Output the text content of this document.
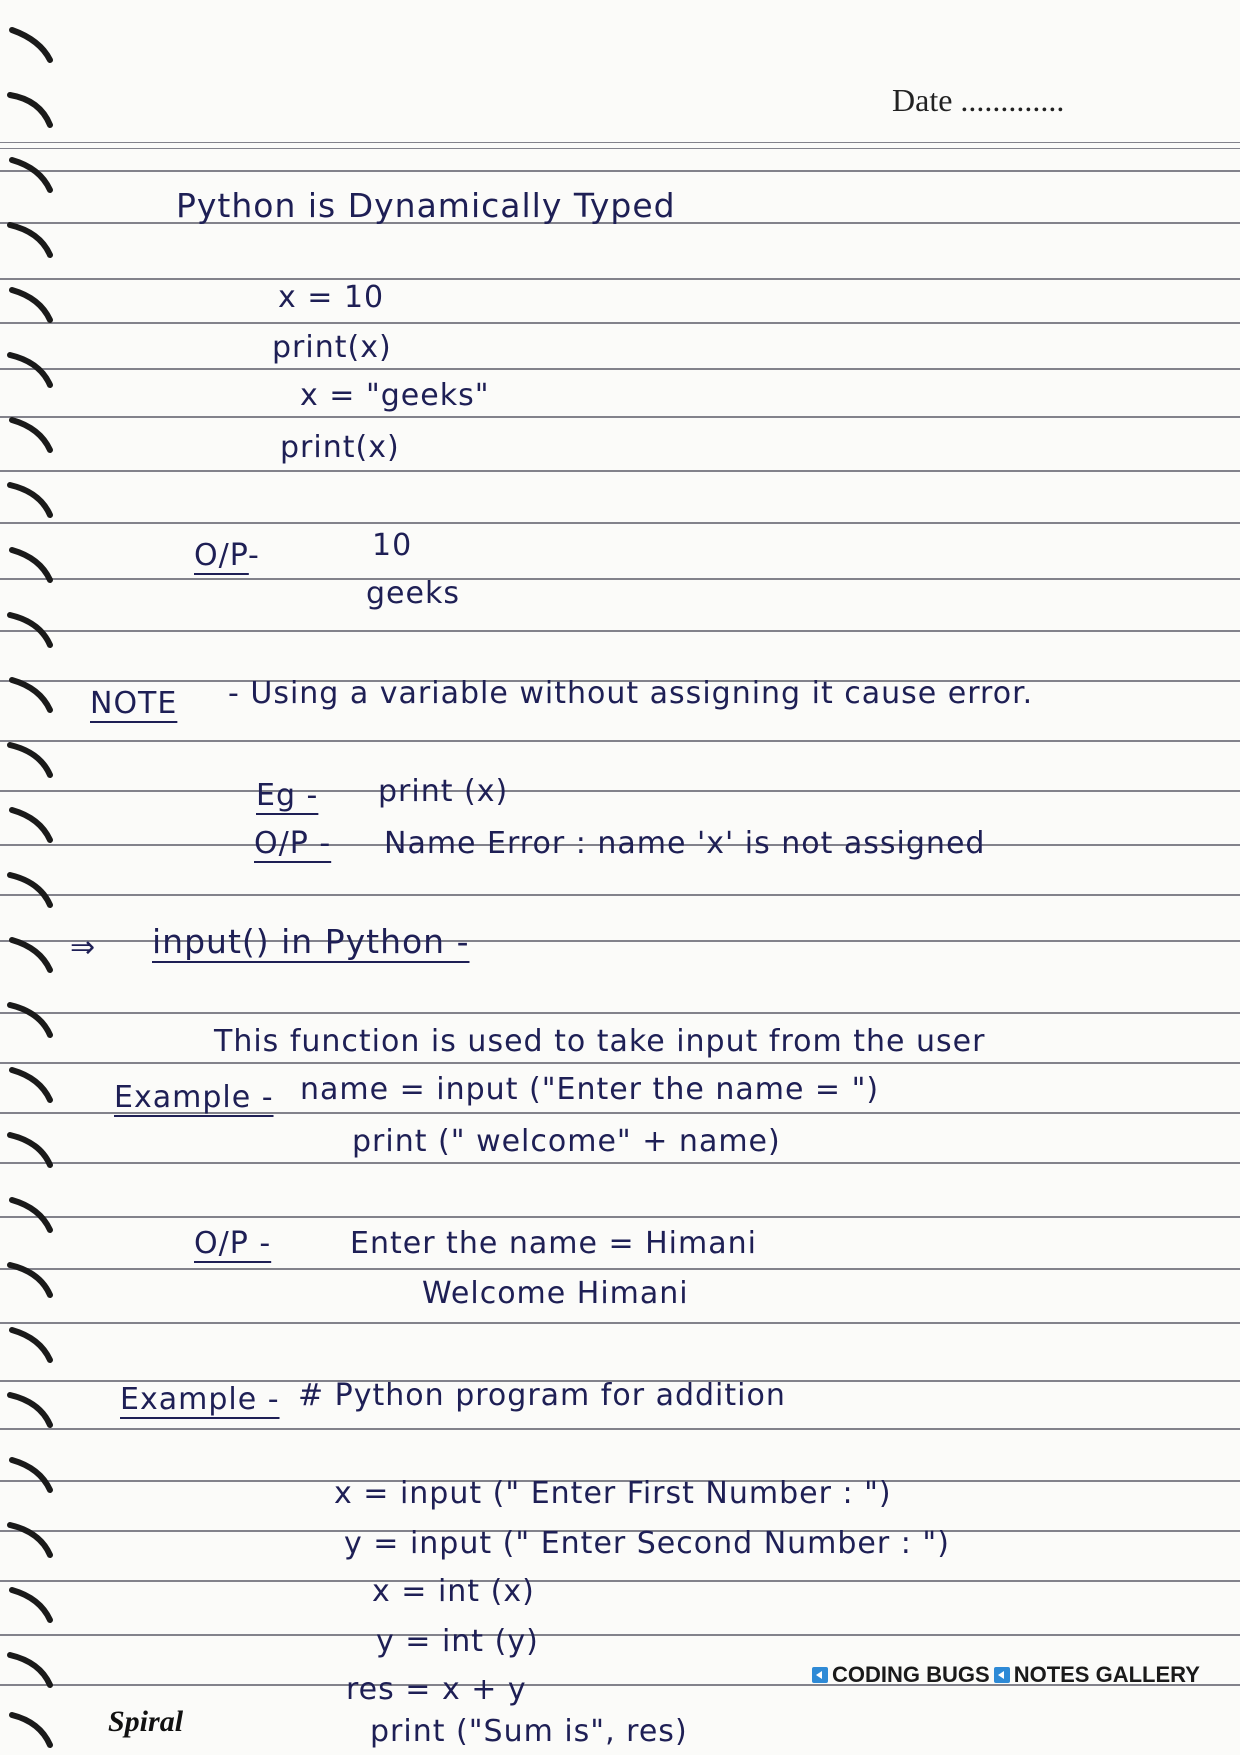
Date .............
Python is Dynamically Typed
x = 10
print(x)
x = "geeks"
print(x)
O/P -	10
geeks
NOTE - Using a variable without assigning it cause error.
Eg - print (x)
O/P - Name Error : name 'x' is not assigned
⇒ input() in Python -
This function is used to take input from the user
Example - name = input ("Enter the name = ")
print (" welcome" + name)
O/P -	Enter the name = Himani
Welcome Himani
Example - # Python program for addition
x = input (" Enter First Number : ")
y = input (" Enter Second Number : ")
x = int (x)
y = int (y)
res = x + y
print ("Sum is", res)
CODING BUGS NOTES GALLERY
Spiral
